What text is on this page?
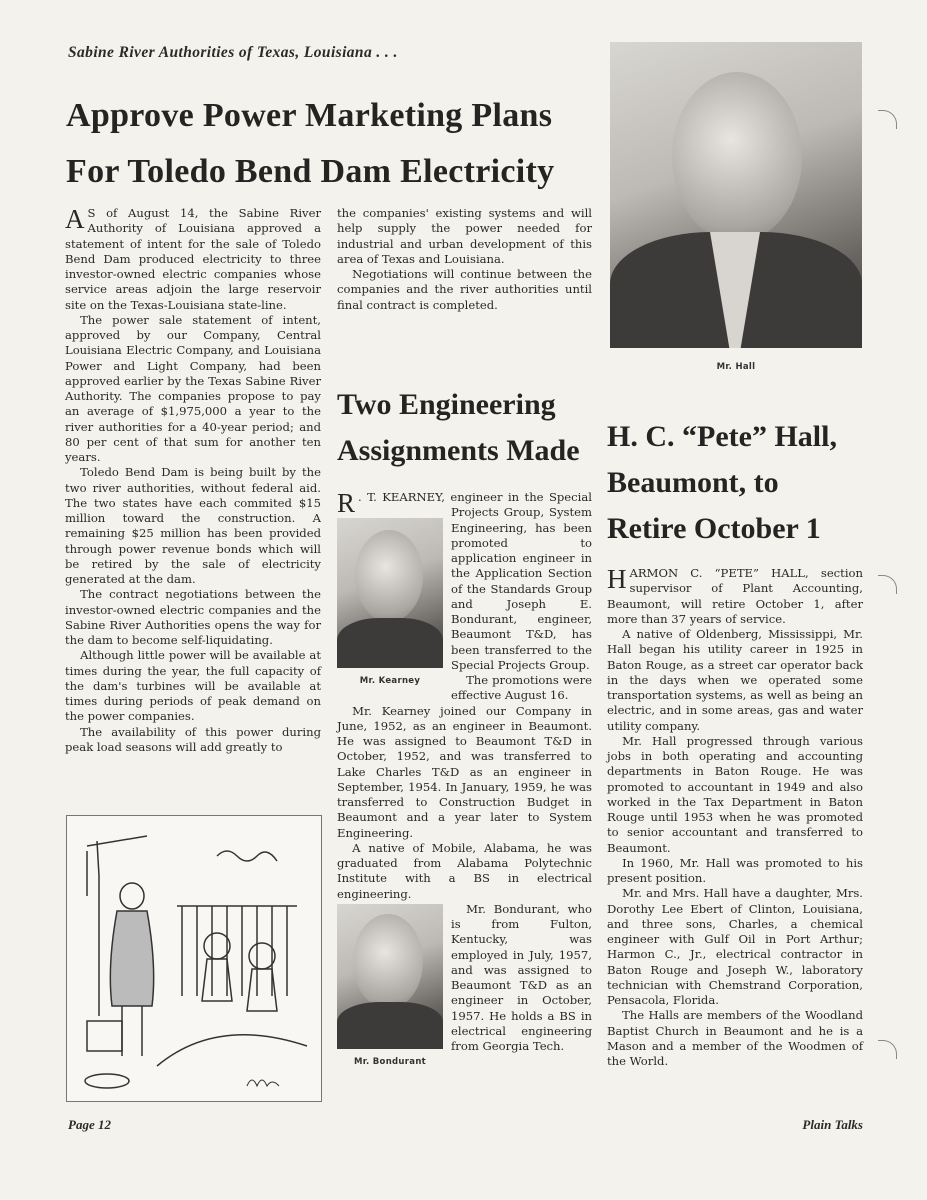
Sabine River Authorities of Texas, Louisiana . . .
Approve Power Marketing Plans
For Toledo Bend Dam Electricity

A S of August 14, the Sabine River Authority of Louisiana approved a statement of intent for the sale of Toledo Bend Dam produced electricity to three investor-owned electric companies whose service areas adjoin the large reservoir site on the Texas-Louisiana state-line.

The power sale statement of intent, approved by our Company, Central Louisiana Electric Company, and Louisiana Power and Light Company, had been approved earlier by the Texas Sabine River Authority. The companies propose to pay an average of $1,975,000 a year to the river authorities for a 40-year period; and 80 per cent of that sum for another ten years.

Toledo Bend Dam is being built by the two river authorities, without federal aid. The two states have each commited $15 million toward the construction. A remaining $25 million has been provided through power revenue bonds which will be retired by the sale of electricity generated at the dam.

The contract negotiations between the investor-owned electric companies and the Sabine River Authorities opens the way for the dam to become self-liquidating.

Although little power will be available at times during the year, the full capacity of the dam's turbines will be available at times during periods of peak demand on the power companies.

The availability of this power during peak load seasons will add greatly to

the companies' existing systems and will help supply the power needed for industrial and urban development of this area of Texas and Louisiana.

Negotiations will continue between the companies and the river authorities until final contract is completed.

Mr. Hall
Two Engineering
Assignments Made

R
Mr. Kearney
. T. KEARNEY, engineer in the Special Projects Group, System Engineering, has been promoted to application engineer in the Application Section of the Standards Group and Joseph E. Bondurant, engineer, Beaumont T&D, has been transferred to the Special Projects Group.

The promotions were effective August 16.

Mr. Kearney joined our Company in June, 1952, as an engineer in Beaumont. He was assigned to Beaumont T&D in October, 1952, and was transferred to Lake Charles T&D as an engineer in September, 1954. In January, 1959, he was transferred to Construction Budget in Beaumont and a year later to System Engineering.

A native of Mobile, Alabama, he was graduated from Alabama Polytechnic Institute with a BS in electrical engineering.

Mr. Bondurant
Mr. Bondurant, who is from Fulton, Kentucky, was employed in July, 1957, and was assigned to Beaumont T&D as an engineer in October, 1957. He holds a BS in electrical engineering from Georgia Tech.

H. C. “Pete” Hall,
Beaumont, to
Retire October 1

HARMON C. “PETE” HALL, section supervisor of Plant Accounting, Beaumont, will retire October 1, after more than 37 years of service.

A native of Oldenberg, Mississippi, Mr. Hall began his utility career in 1925 in Baton Rouge, as a street car operator back in the days when we operated some transportation systems, as well as being an electric, and in some areas, gas and water utility company.

Mr. Hall progressed through various jobs in both operating and accounting departments in Baton Rouge. He was promoted to accountant in 1949 and also worked in the Tax Department in Baton Rouge until 1953 when he was promoted to senior accountant and transferred to Beaumont.

In 1960, Mr. Hall was promoted to his present position.

Mr. and Mrs. Hall have a daughter, Mrs. Dorothy Lee Ebert of Clinton, Louisiana, and three sons, Charles, a chemical engineer with Gulf Oil in Port Arthur; Harmon C., Jr., electrical contractor in Baton Rouge and Joseph W., laboratory technician with Chemstrand Corporation, Pensacola, Florida.

The Halls are members of the Woodland Baptist Church in Beaumont and he is a Mason and a member of the Woodmen of the World.

Page 12	Plain Talks
